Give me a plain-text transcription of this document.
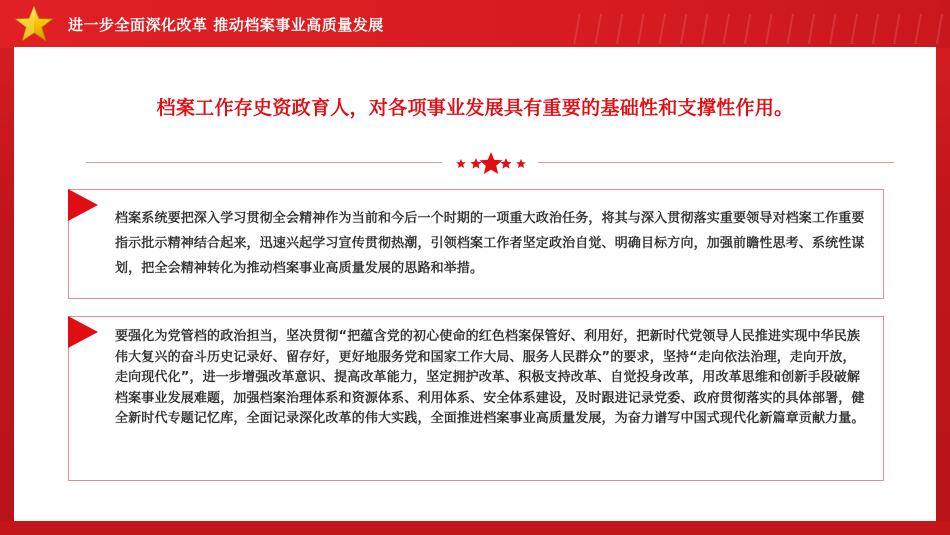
进一步全面深化改革 推动档案事业高质量发展
档案工作存史资政育人，对各项事业发展具有重要的基础性和支撑性作用。
档案系统要把深入学习贯彻全会精神作为当前和今后一个时期的一项重大政治任务，将其与深入贯彻落实重要领导对档案工作重要指示批示精神结合起来，迅速兴起学习宣传贯彻热潮，引领档案工作者坚定政治自觉、明确目标方向，加强前瞻性思考、系统性谋划，把全会精神转化为推动档案事业高质量发展的思路和举措。
要强化为党管档的政治担当，坚决贯彻“把蕴含党的初心使命的红色档案保管好、利用好，把新时代党领导人民推进实现中华民族伟大复兴的奋斗历史记录好、留存好，更好地服务党和国家工作大局、服务人民群众”的要求，坚持“走向依法治理，走向开放，走向现代化”，进一步增强改革意识、提高改革能力，坚定拥护改革、积极支持改革、自觉投身改革，用改革思维和创新手段破解档案事业发展难题，加强档案治理体系和资源体系、利用体系、安全体系建设，及时跟进记录党委、政府贯彻落实的具体部署，健全新时代专题记忆库，全面记录深化改革的伟大实践，全面推进档案事业高质量发展，为奋力谱写中国式现代化新篇章贡献力量。
